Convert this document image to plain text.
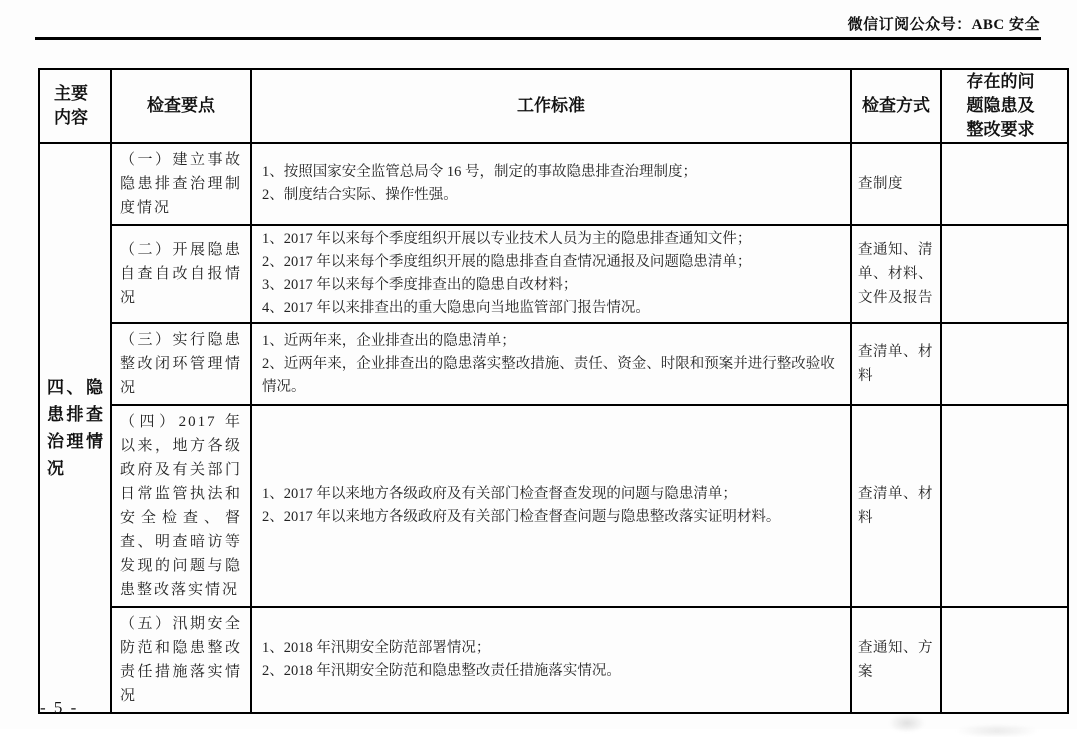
微信订阅公众号：ABC 安全
主要内容	检查要点	工作标准	检查方式	存在的问题隐患及整改要求

四、隐患排查治理情况	（一）建立事故隐患排查治理制度情况	1、按照国家安全监管总局令 16 号，制定的事故隐患排查治理制度；
2、制度结合实际、操作性强。	查制度	
	（二）开展隐患自查自改自报情况	1、2017 年以来每个季度组织开展以专业技术人员为主的隐患排查通知文件；
2、2017 年以来每个季度组织开展的隐患排查自查情况通报及问题隐患清单；
3、2017 年以来每个季度排查出的隐患自改材料；
4、2017 年以来排查出的重大隐患向当地监管部门报告情况。	查通知、清单、材料、文件及报告	
	（三）实行隐患整改闭环管理情况	1、近两年来，企业排查出的隐患清单；
2、近两年来，企业排查出的隐患落实整改措施、责任、资金、时限和预案并进行整改验收情况。	查清单、材料	
	（四）2017 年以来，地方各级政府及有关部门日常监管执法和安全检查、督查、明查暗访等发现的问题与隐患整改落实情况	1、2017 年以来地方各级政府及有关部门检查督查发现的问题与隐患清单；
2、2017 年以来地方各级政府及有关部门检查督查问题与隐患整改落实证明材料。	查清单、材料	
	（五）汛期安全防范和隐患整改责任措施落实情况	1、2018 年汛期安全防范部署情况；
2、2018 年汛期安全防范和隐患整改责任措施落实情况。	查通知、方案	
- 5 -
